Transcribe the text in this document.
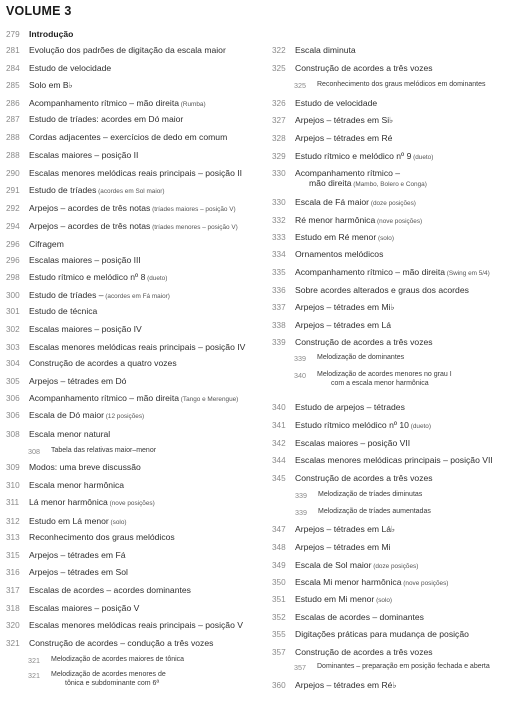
VOLUME 3
279	Introdução
281	Evolução dos padrões de digitação da escala maior
284	Estudo de velocidade
285	Solo em B♭
286	Acompanhamento rítmico – mão direita (Rumba)
287	Estudo de tríades: acordes em Dó maior
288	Cordas adjacentes – exercícios de dedo em comum
288	Escalas maiores – posição II
290	Escalas menores melódicas reais principais – posição II
291	Estudo de tríades (acordes em Sol maior)
292	Arpejos – acordes de três notas (tríades maiores – posição V)
294	Arpejos – acordes de três notas (tríades menores – posição V)
296	Cifragem
296	Escalas maiores – posição III
298	Estudo rítmico e melódico nº 8 (dueto)
300	Estudo de tríades – (acordes em Fá maior)
301	Estudo de técnica
302	Escalas maiores – posição IV
303	Escalas menores melódicas reais principais – posição IV
304	Construção de acordes a quatro vozes
305	Arpejos – tétrades em Dó
306	Acompanhamento rítmico – mão direita (Tango e Merengue)
306	Escala de Dó maior (12 posições)
308	Escala menor natural
308	Tabela das relativas maior–menor
309	Modos: uma breve discussão
310	Escala menor harmônica
311	Lá menor harmônica (nove posições)
312	Estudo em Lá menor (solo)
313	Reconhecimento dos graus melódicos
315	Arpejos – tétrades em Fá
316	Arpejos – tétrades em Sol
317	Escalas de acordes – acordes dominantes
318	Escalas maiores – posição V
320	Escalas menores melódicas reais principais – posição V
321	Construção de acordes – condução a três vozes
321	Melodização de acordes maiores de tônica
321	Melodização de acordes menores de
tônica e subdominante com 6ª
322	Escala diminuta
325	Construção de acordes a três vozes
325	Reconhecimento dos graus melódicos em dominantes
326	Estudo de velocidade
327	Arpejos – tétrades em Si♭
328	Arpejos – tétrades em Ré
329	Estudo rítmico e melódico nº 9 (dueto)
330	Acompanhamento rítmico –
mão direita (Mambo, Bolero e Conga)
330	Escala de Fá maior (doze posições)
332	Ré menor harmônica (nove posições)
333	Estudo em Ré menor (solo)
334	Ornamentos melódicos
335	Acompanhamento rítmico – mão direita (Swing em 5/4)
336	Sobre acordes alterados e graus dos acordes
337	Arpejos – tétrades em Mi♭
338	Arpejos – tétrades em Lá
339	Construção de acordes a três vozes
339	Melodização de dominantes
340	Melodização de acordes menores no grau I
com a escala menor harmônica
340	Estudo de arpejos – tétrades
341	Estudo rítmico melódico nº 10 (dueto)
342	Escalas maiores – posição VII
344	Escalas menores melódicas principais – posição VII
345	Construção de acordes a três vozes
339	Melodização de tríades diminutas
339	Melodização de tríades aumentadas
347	Arpejos – tétrades em Lá♭
348	Arpejos – tétrades em Mi
349	Escala de Sol maior (doze posições)
350	Escala Mi menor harmônica (nove posições)
351	Estudo em Mi menor (solo)
352	Escalas de acordes – dominantes
355	Digitações práticas para mudança de posição
357	Construção de acordes a três vozes
357	Dominantes – preparação em posição fechada e aberta
360	Arpejos – tétrades em Ré♭
